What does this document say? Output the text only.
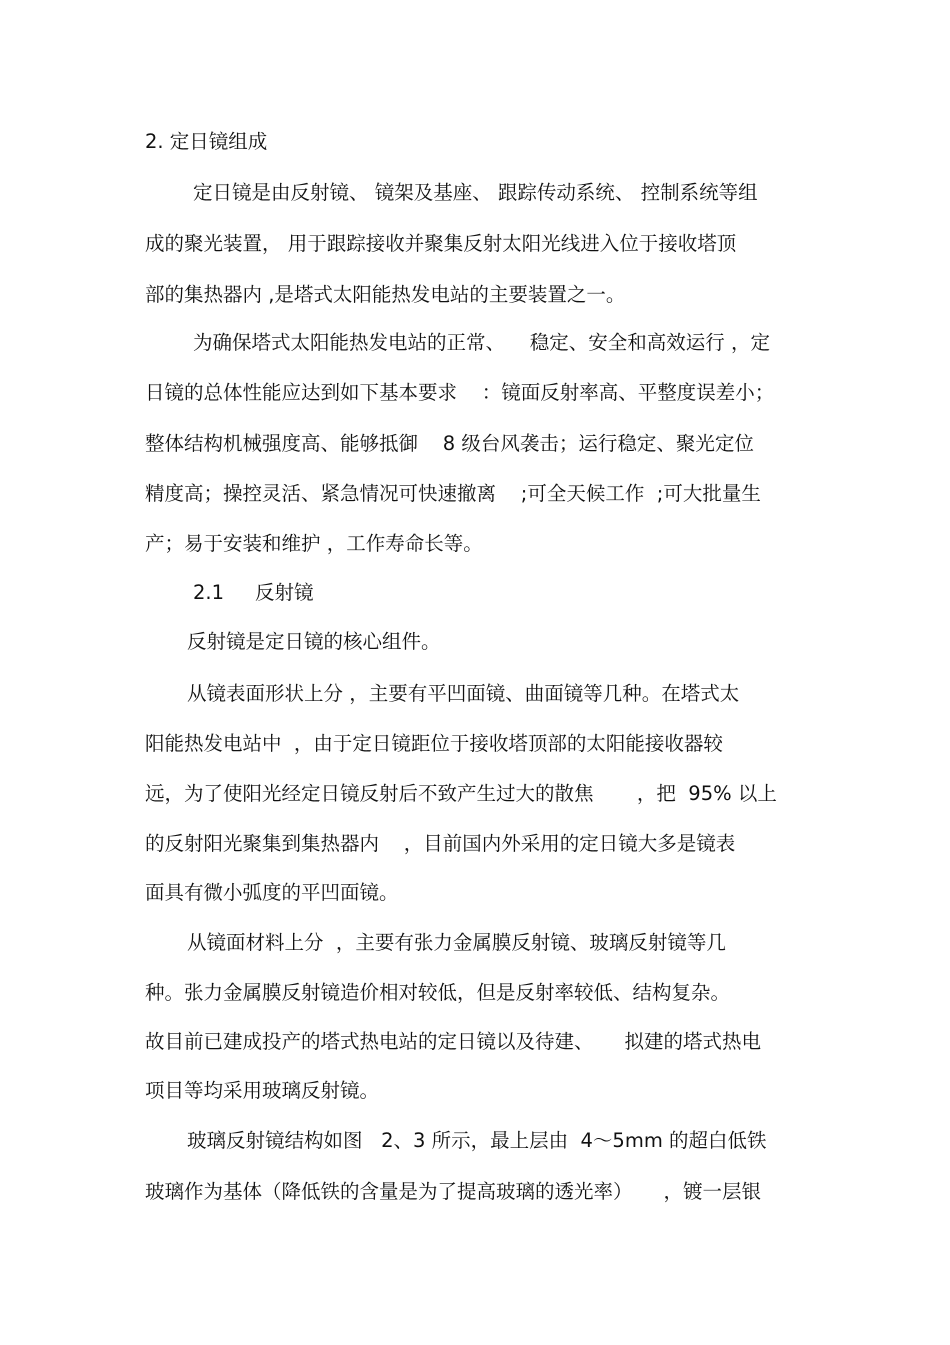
2. 定日镜组成

定日镜是由反射镜、 镜架及基座、 跟踪传动系统、 控制系统等组

成的聚光装置， 用于跟踪接收并聚集反射太阳光线进入位于接收塔顶

部的集热器内 ,是塔式太阳能热发电站的主要装置之一。

为确保塔式太阳能热发电站的正常、    稳定、安全和高效运行 ，定

日镜的总体性能应达到如下基本要求    ：镜面反射率高、平整度误差小；

整体结构机械强度高、能够抵御    8 级台风袭击；运行稳定、聚光定位

精度高；操控灵活、紧急情况可快速撤离    ;可全天候工作  ;可大批量生

产；易于安装和维护 ，工作寿命长等。

2.1     反射镜

反射镜是定日镜的核心组件。

从镜表面形状上分 ，主要有平凹面镜、曲面镜等几种。在塔式太

阳能热发电站中  ，由于定日镜距位于接收塔顶部的太阳能接收器较

远，为了使阳光经定日镜反射后不致产生过大的散焦       ，把  95% 以上

的反射阳光聚集到集热器内    ，目前国内外采用的定日镜大多是镜表

面具有微小弧度的平凹面镜。

从镜面材料上分  ，主要有张力金属膜反射镜、玻璃反射镜等几

种。张力金属膜反射镜造价相对较低，但是反射率较低、结构复杂。

故目前已建成投产的塔式热电站的定日镜以及待建、     拟建的塔式热电

项目等均采用玻璃反射镜。

玻璃反射镜结构如图   2、3 所示，最上层由  4～5mm 的超白低铁

玻璃作为基体（降低铁的含量是为了提高玻璃的透光率）     ，镀一层银
